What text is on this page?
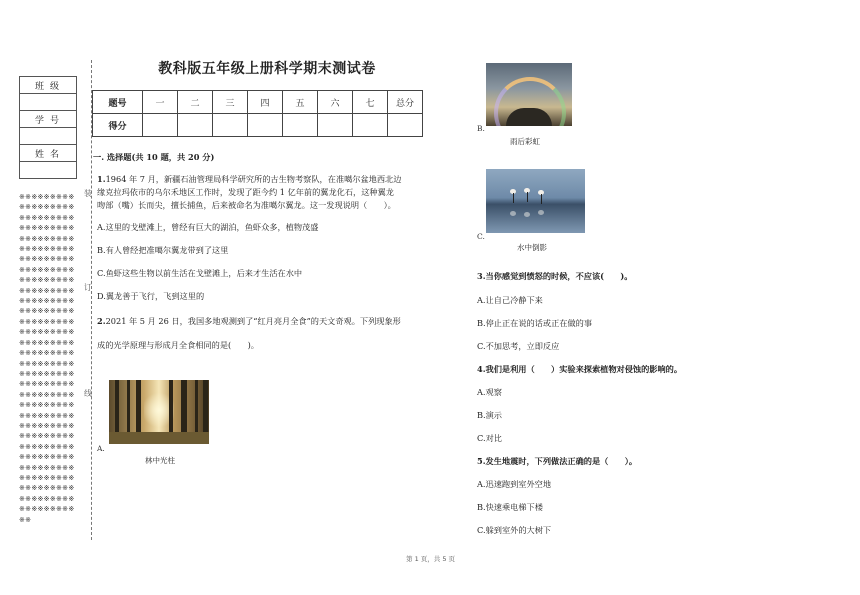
班级

学号

姓名

※※※※※※※※※※※※※※※※※※※※※※※※※※※※※※※※※※※※※※※※※※※※※※※※※※※※※※※※※※※※※※※※※※※※※※※※※※※※※※※※※※※※※※※※※※※※※※※※※※※※※※※※※※※※※※※※※※※※※※※※※※※※※※※※※※※※※※※※※※※※※※※※※※※※※※※※※※※※※※※※※※※※※※※※※※※※※※※※※※※※※※※※※※※※※※※※※※※※※※※※※※※※※※※※※※※※※※※※※※※※※※※※※※※※※※※※※※※※※※※※※※※※※※※※※※※※※※※※※※※※※※※※※※※※※※※※※※※※※※※※※
装
订
线
教科版五年级上册科学期末测试卷
题号	一	二	三	四	五	六	七	总分
得分								
一. 选择题(共 10 题，共 20 分)
1.1964 年 7 月，新疆石油管理局科学研究所的古生物考察队，在准噶尔盆地西北边
缘克拉玛依市的乌尔禾地区工作时，发现了距今约 1 亿年前的翼龙化石，这种翼龙
吻部（嘴）长而尖，擅长捕鱼，后来被命名为准噶尔翼龙。这一发现说明（　　）。
A.这里的戈壁滩上，曾经有巨大的湖泊，鱼虾众多，植物茂盛
B.有人曾经把准噶尔翼龙带到了这里
C.鱼虾这些生物以前生活在戈壁滩上，后来才生活在水中
D.翼龙善于飞行，飞到这里的
2.2021 年 5 月 26 日，我国多地观测到了“红月亮月全食”的天文奇观。下列现象形
成的光学原理与形成月全食相同的是(　　)。
A.
林中光柱
B.
雨后彩虹
C.
水中倒影
3.当你感觉到愤怒的时候，不应该(　　)。
A.让自己冷静下来
B.停止正在说的话或正在做的事
C.不加思考，立即反应
4.我们是利用（　　）实验来探索植物对侵蚀的影响的。
A.观察
B.演示
C.对比
5.发生地震时，下列做法正确的是（　　）。
A.迅速跑到室外空地
B.快速乘电梯下楼
C.躲到室外的大树下
第 1 页，共 5 页
